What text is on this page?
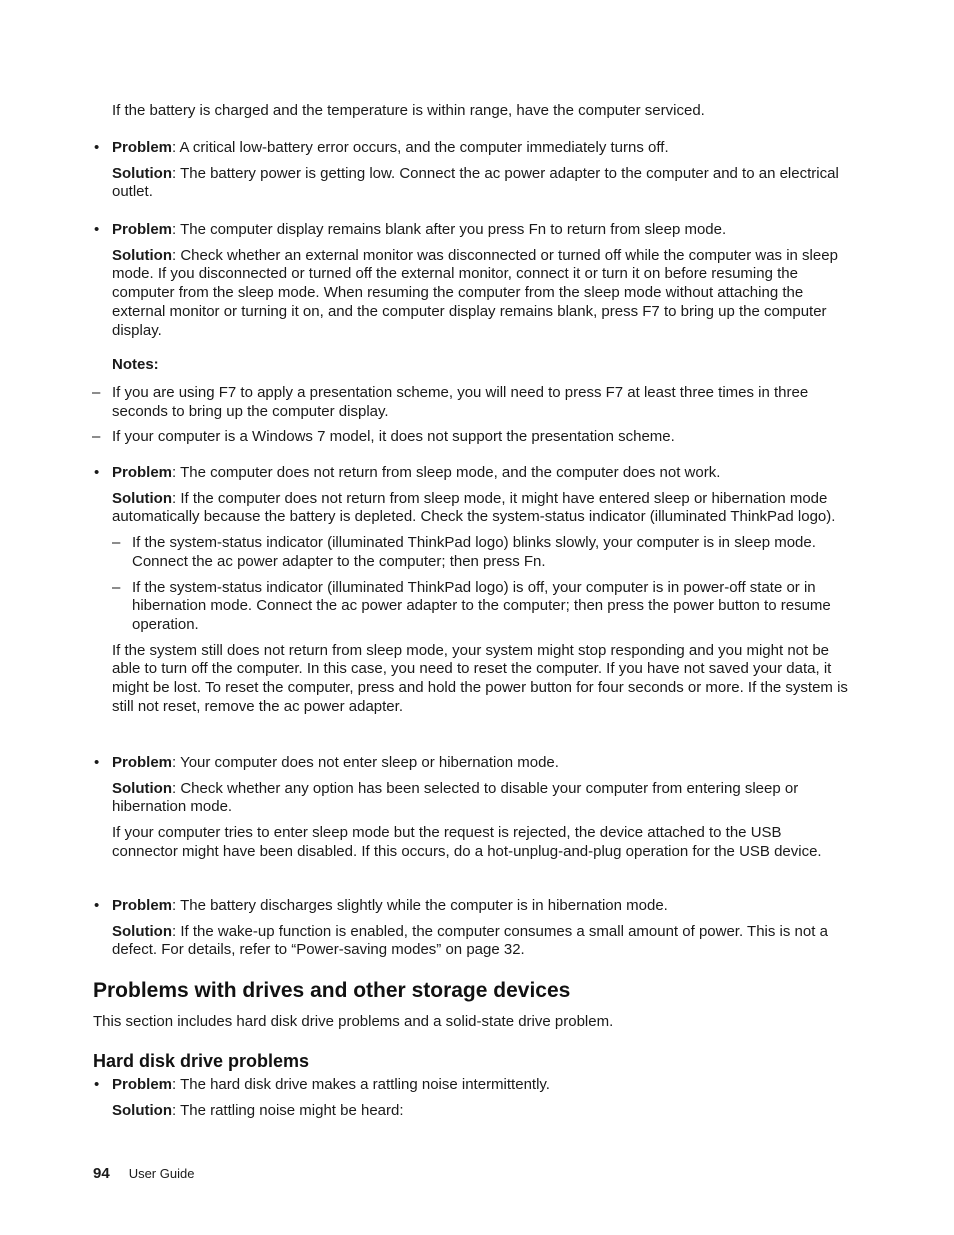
If the battery is charged and the temperature is within range, have the computer serviced.

• Problem: A critical low-battery error occurs, and the computer immediately turns off.

Solution: The battery power is getting low. Connect the ac power adapter to the computer and to an electrical outlet.

• Problem: The computer display remains blank after you press Fn to return from sleep mode.

Solution: Check whether an external monitor was disconnected or turned off while the computer was in sleep mode. If you disconnected or turned off the external monitor, connect it or turn it on before resuming the computer from the sleep mode. When resuming the computer from the sleep mode without attaching the external monitor or turning it on, and the computer display remains blank, press F7 to bring up the computer display.

Notes:

– If you are using F7 to apply a presentation scheme, you will need to press F7 at least three times in three seconds to bring up the computer display.
– If your computer is a Windows 7 model, it does not support the presentation scheme.
• Problem: The computer does not return from sleep mode, and the computer does not work.

Solution: If the computer does not return from sleep mode, it might have entered sleep or hibernation mode automatically because the battery is depleted. Check the system-status indicator (illuminated ThinkPad logo).

– If the system-status indicator (illuminated ThinkPad logo) blinks slowly, your computer is in sleep mode. Connect the ac power adapter to the computer; then press Fn.
– If the system-status indicator (illuminated ThinkPad logo) is off, your computer is in power-off state or in hibernation mode. Connect the ac power adapter to the computer; then press the power button to resume operation.

If the system still does not return from sleep mode, your system might stop responding and you might not be able to turn off the computer. In this case, you need to reset the computer. If you have not saved your data, it might be lost. To reset the computer, press and hold the power button for four seconds or more. If the system is still not reset, remove the ac power adapter.

• Problem: Your computer does not enter sleep or hibernation mode.

Solution: Check whether any option has been selected to disable your computer from entering sleep or hibernation mode.

If your computer tries to enter sleep mode but the request is rejected, the device attached to the USB connector might have been disabled. If this occurs, do a hot-unplug-and-plug operation for the USB device.

• Problem: The battery discharges slightly while the computer is in hibernation mode.

Solution: If the wake-up function is enabled, the computer consumes a small amount of power. This is not a defect. For details, refer to “Power-saving modes” on page 32.

Problems with drives and other storage devices

This section includes hard disk drive problems and a solid-state drive problem.

Hard disk drive problems
• Problem: The hard disk drive makes a rattling noise intermittently.

Solution: The rattling noise might be heard:

94 User Guide
